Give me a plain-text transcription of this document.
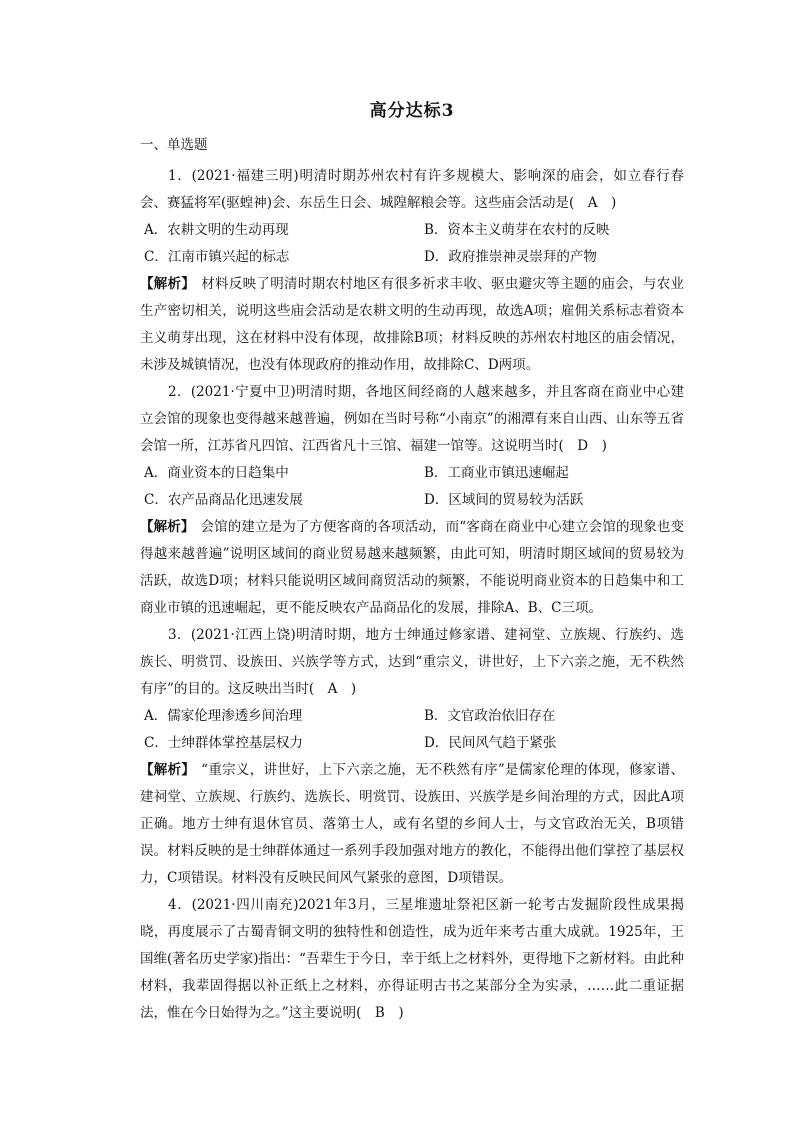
高分达标3
一、单选题

1．(2021·福建三明)明清时期苏州农村有许多规模大、影响深的庙会，如立春行春会、赛猛将军(驱蝗神)会、东岳生日会、城隍解粮会等。这些庙会活动是(　A　)

A．农耕文明的生动再现	B．资本主义萌芽在农村的反映
C．江南市镇兴起的标志	D．政府推崇神灵崇拜的产物

【解析】 材料反映了明清时期农村地区有很多祈求丰收、驱虫避灾等主题的庙会，与农业生产密切相关，说明这些庙会活动是农耕文明的生动再现，故选A项；雇佣关系标志着资本主义萌芽出现，这在材料中没有体现，故排除B项；材料反映的苏州农村地区的庙会情况，未涉及城镇情况，也没有体现政府的推动作用，故排除C、D两项。

2．(2021·宁夏中卫)明清时期，各地区间经商的人越来越多，并且客商在商业中心建立会馆的现象也变得越来越普遍，例如在当时号称“小南京”的湘潭有来自山西、山东等五省会馆一所，江苏省凡四馆、江西省凡十三馆、福建一馆等。这说明当时(　D　)

A．商业资本的日趋集中	B．工商业市镇迅速崛起
C．农产品商品化迅速发展	D．区域间的贸易较为活跃

【解析】 会馆的建立是为了方便客商的各项活动，而“客商在商业中心建立会馆的现象也变得越来越普遍”说明区域间的商业贸易越来越频繁，由此可知，明清时期区域间的贸易较为活跃，故选D项；材料只能说明区域间商贸活动的频繁，不能说明商业资本的日趋集中和工商业市镇的迅速崛起，更不能反映农产品商品化的发展，排除A、B、C三项。

3．(2021·江西上饶)明清时期，地方士绅通过修家谱、建祠堂、立族规、行族约、选族长、明赏罚、设族田、兴族学等方式，达到“重宗义，讲世好，上下六亲之施，无不秩然有序”的目的。这反映出当时(　A　)

A．儒家伦理渗透乡间治理	B．文官政治依旧存在
C．士绅群体掌控基层权力	D．民间风气趋于紧张

【解析】 “重宗义，讲世好，上下六亲之施，无不秩然有序”是儒家伦理的体现，修家谱、建祠堂、立族规、行族约、选族长、明赏罚、设族田、兴族学是乡间治理的方式，因此A项正确。地方士绅有退休官员、落第士人，或有名望的乡间人士，与文官政治无关，B项错误。材料反映的是士绅群体通过一系列手段加强对地方的教化，不能得出他们掌控了基层权力，C项错误。材料没有反映民间风气紧张的意图，D项错误。

4．(2021·四川南充)2021年3月，三星堆遗址祭祀区新一轮考古发掘阶段性成果揭晓，再度展示了古蜀青铜文明的独特性和创造性，成为近年来考古重大成就。1925年，王国维(著名历史学家)指出：“吾辈生于今日，幸于纸上之材料外，更得地下之新材料。由此种材料，我辈固得据以补正纸上之材料，亦得证明古书之某部分全为实录，……此二重证据法，惟在今日始得为之。”这主要说明(　B　)
